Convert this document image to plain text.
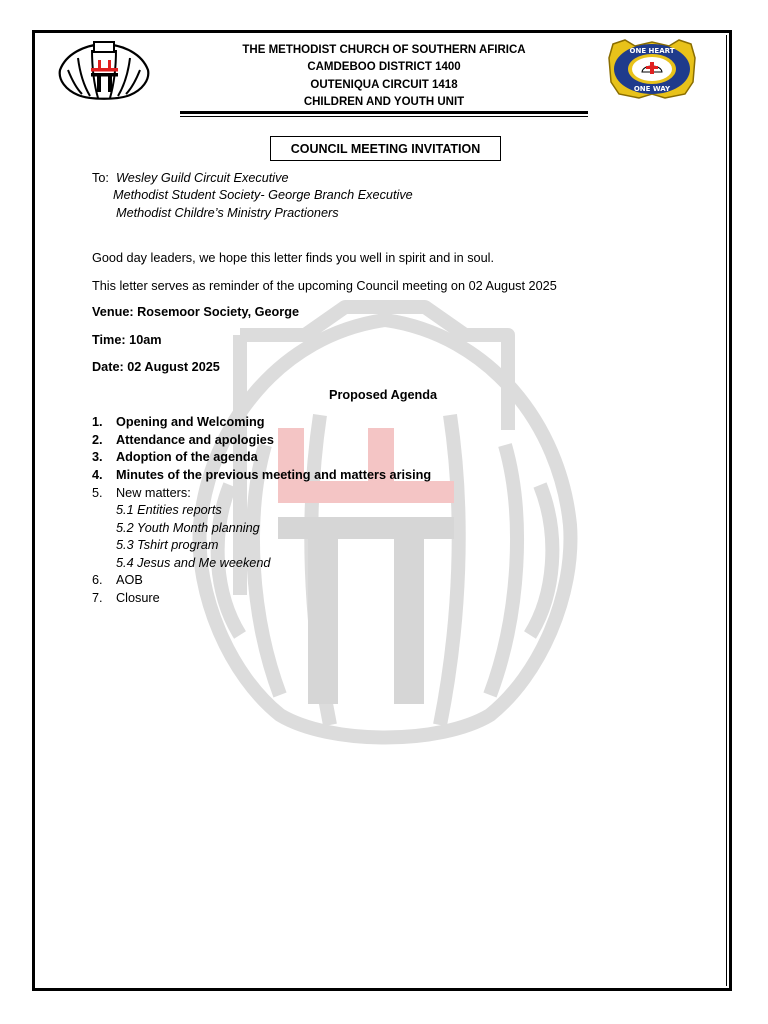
ONE HEART
ONE WAY
THE METHODIST CHURCH OF SOUTHERN AFIRICA
CAMDEBOO DISTRICT 1400
OUTENIQUA CIRCUIT 1418
CHILDREN AND YOUTH UNIT
COUNCIL MEETING INVITATION
To: Wesley Guild Circuit Executive
Methodist Student Society- George Branch Executive
Methodist Childre’s Ministry Practioners
Good day leaders, we hope this letter finds you well in spirit and in soul.
This letter serves as reminder of the upcoming Council meeting on 02 August 2025
Venue: Rosemoor Society, George
Time: 10am
Date: 02 August 2025
Proposed Agenda
1. Opening and Welcoming
2. Attendance and apologies
3. Adoption of the agenda
4. Minutes of the previous meeting and matters arising
5. New matters:
5.1 Entities reports
5.2 Youth Month planning
5.3 Tshirt program
5.4 Jesus and Me weekend
6. AOB
7. Closure
